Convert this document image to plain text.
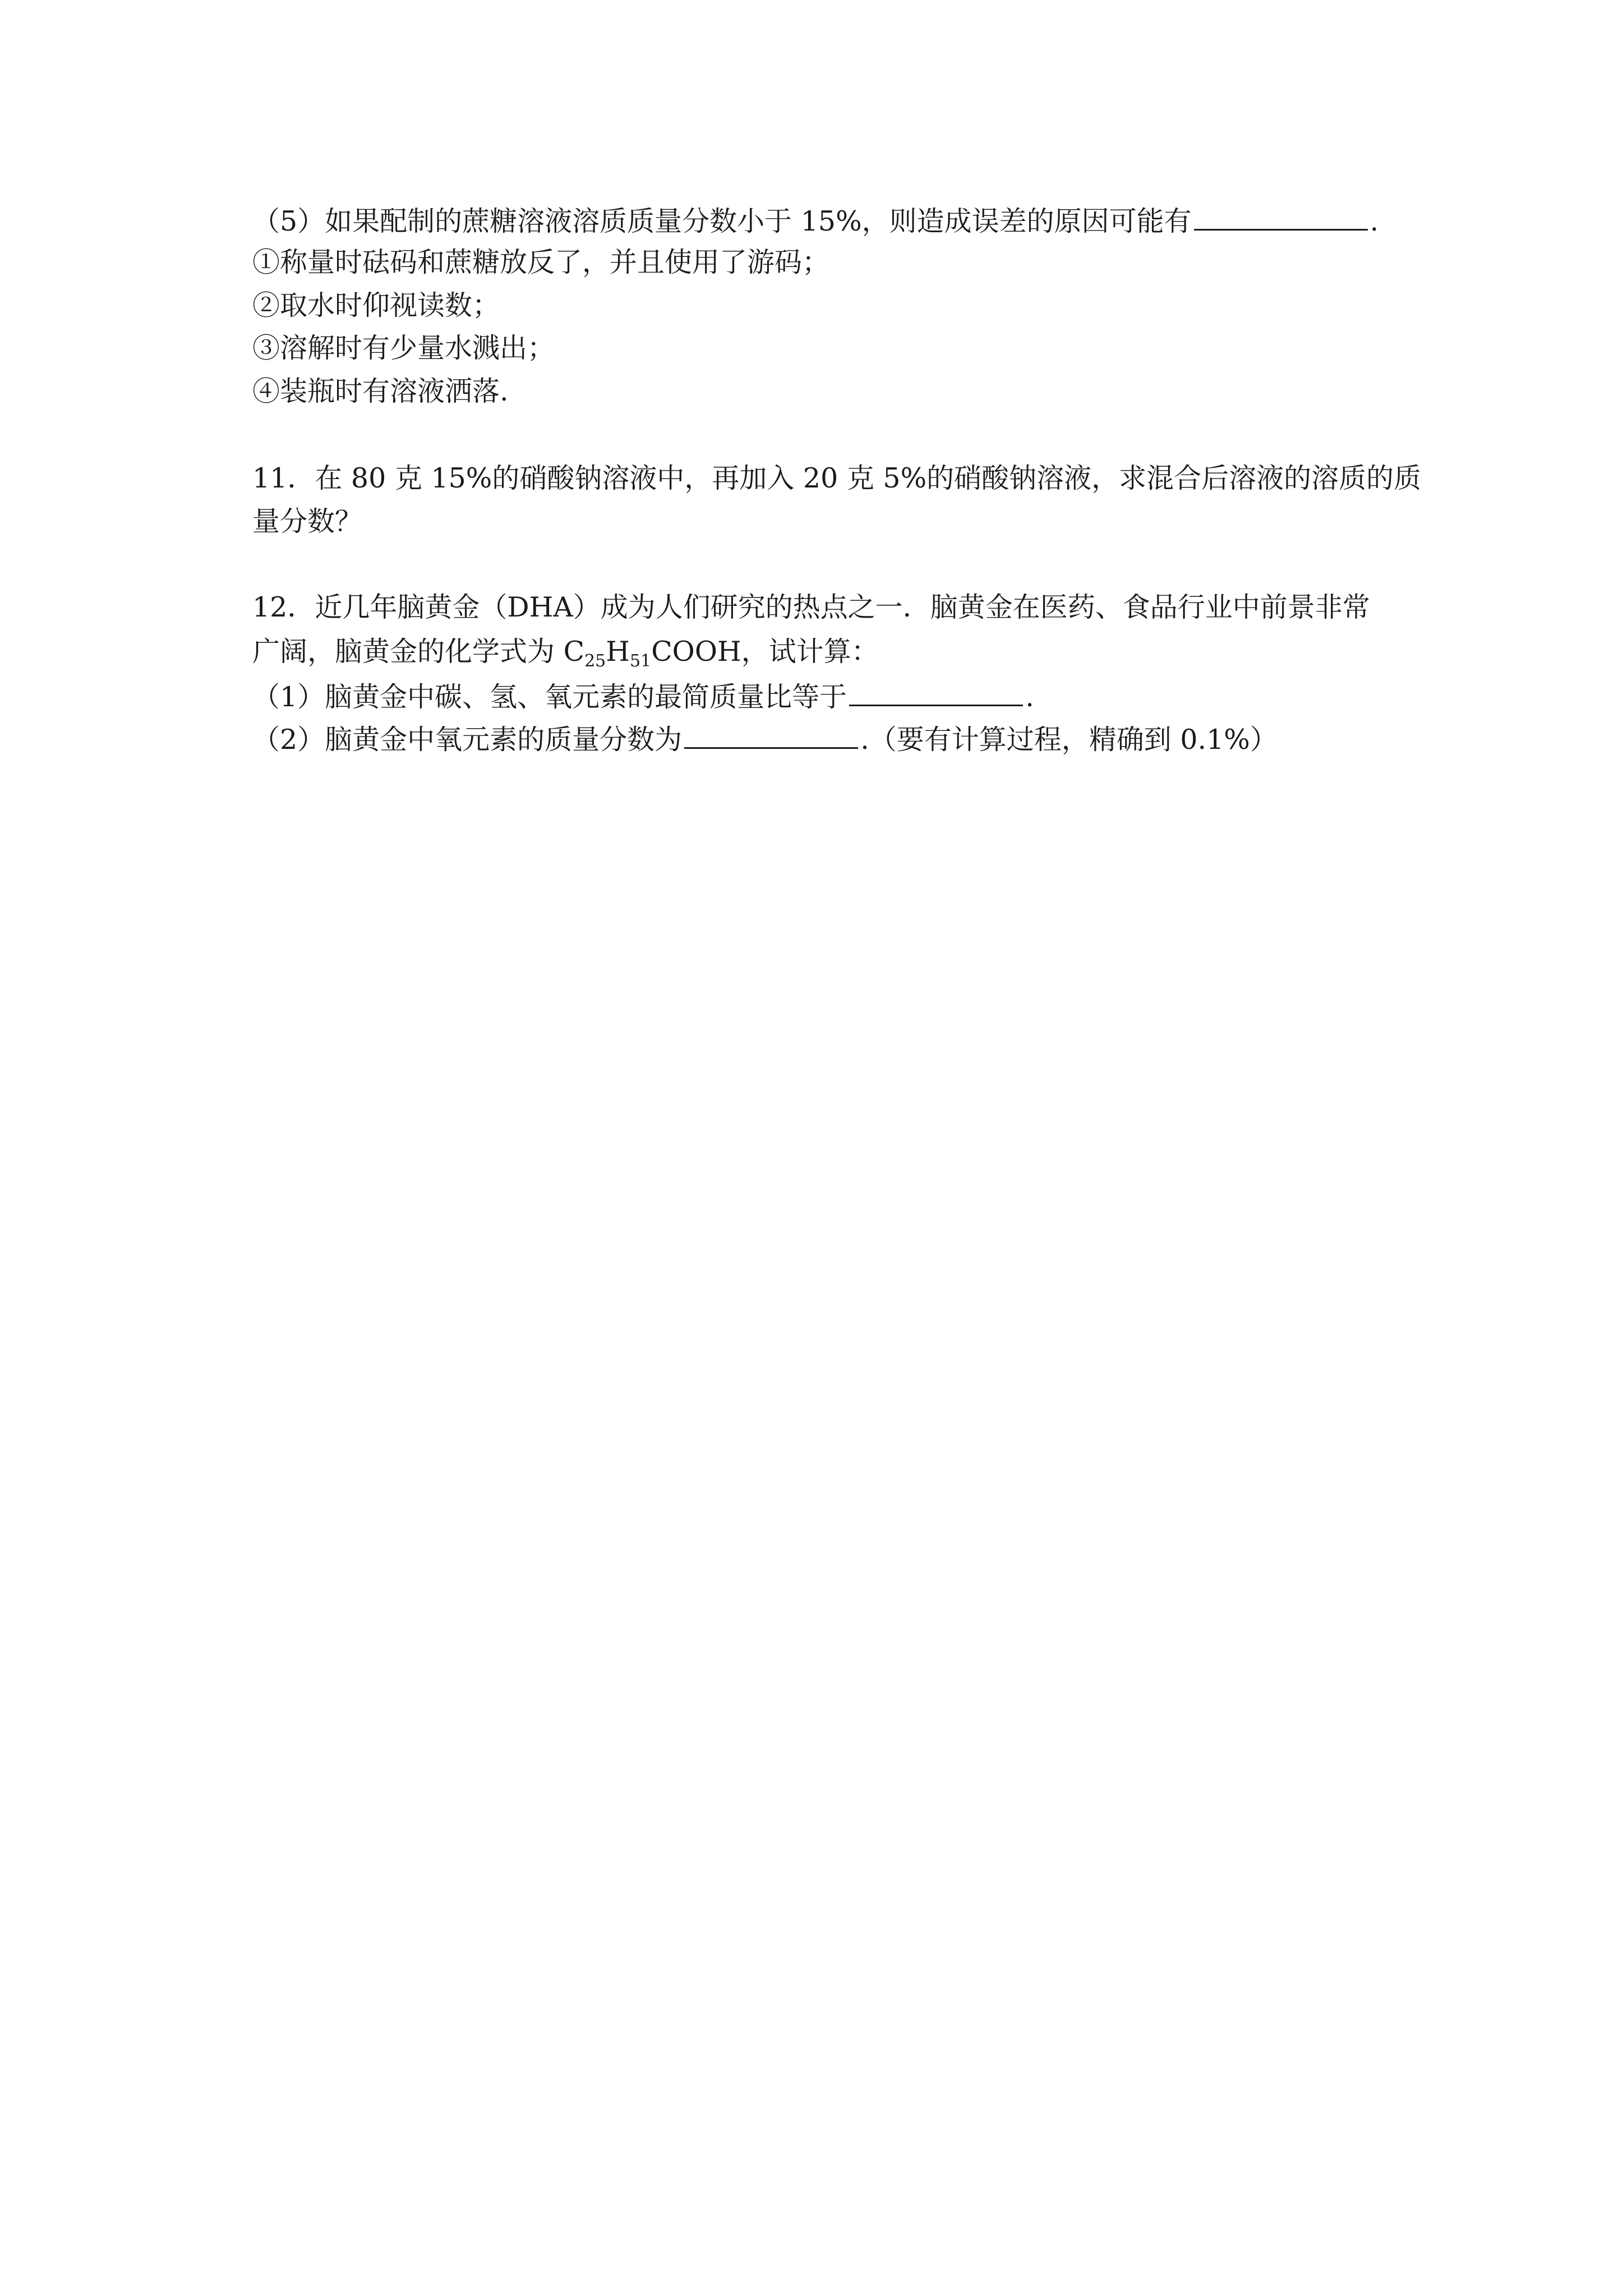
（5）如果配制的蔗糖溶液溶质质量分数小于 15%，则造成误差的原因可能有	.
①称量时砝码和蔗糖放反了，并且使用了游码；
②取水时仰视读数；
③溶解时有少量水溅出；
④装瓶时有溶液洒落.
11．在 80 克 15%的硝酸钠溶液中，再加入 20 克 5%的硝酸钠溶液，求混合后溶液的溶质的质
量分数？
12．近几年脑黄金（DHA）成为人们研究的热点之一．脑黄金在医药、食品行业中前景非常
广阔，脑黄金的化学式为 $C_{25}H_{51}COOH$，试计算：
（1）脑黄金中碳、氢、氧元素的最简质量比等于	.
（2）脑黄金中氧元素的质量分数为	.（要有计算过程，精确到 0.1%）
